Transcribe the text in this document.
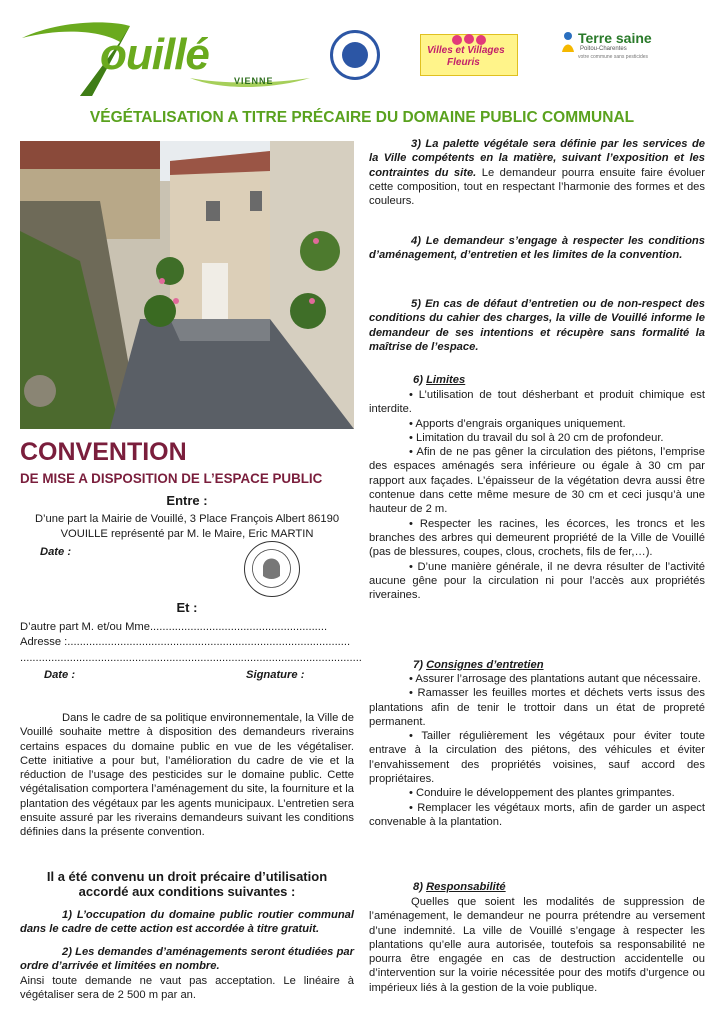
ouillé
VIENNE
Villes et Villages
Fleuris
Terre saine
Poitou-Charentes
votre commune sans pesticides
VÉGÉTALISATION A TITRE PRÉCAIRE DU DOMAINE PUBLIC COMMUNAL
CONVENTION
DE MISE A DISPOSITION DE L’ESPACE PUBLIC
Entre :
D’une part la Mairie de Vouillé, 3 Place François Albert 86190
VOUILLE représenté par M. le Maire, Eric MARTIN
Date :
Et :
D’autre part M. et/ou Mme.........................................................
Adresse :...........................................................................................
..............................................................................................................
Date :	Signature :
Dans le cadre de sa politique environnementale, la Ville de Vouillé souhaite mettre à disposition des demandeurs riverains certains espaces du domaine public en vue de les végétaliser. Cette initiative a pour but, l’amélioration du cadre de vie et la réduction de l’usage des pesticides sur le domaine public. Cette végétalisation comportera l’aménagement du site, la fourniture et la plantation des végétaux par les agents municipaux. L’entretien sera ensuite assuré par les riverains demandeurs suivant les conditions définies dans la présente convention.
Il a été convenu un droit précaire d’utilisation
accordé aux conditions suivantes :
1) L’occupation du domaine public routier communal dans le cadre de cette action est accordée à titre gratuit.
2) Les demandes d’aménagements seront étudiées par ordre d’arrivée et limitées en nombre.
Ainsi toute demande ne vaut pas acceptation. Le linéaire à végétaliser sera de 2 500 m par an.
3) La palette végétale sera définie par les services de la Ville compétents en la matière, suivant l’exposition et les contraintes du site. Le demandeur pourra ensuite faire évoluer cette composition, tout en respectant l’harmonie des formes et des couleurs.
4) Le demandeur s’engage à respecter les conditions d’aménagement, d’entretien et les limites de la convention.
5) En cas de défaut d’entretien ou de non-respect des conditions du cahier des charges, la ville de Vouillé informe le demandeur de ses intentions et récupère sans formalité la maîtrise de l’espace.
6) Limites
• L’utilisation de tout désherbant et produit chimique est interdite.
• Apports d’engrais organiques uniquement.
• Limitation du travail du sol à 20 cm de profondeur.
• Afin de ne pas gêner la circulation des piétons, l’emprise des espaces aménagés sera inférieure ou égale à 30 cm par rapport aux façades. L’épaisseur de la végétation devra aussi être contenue dans cette même mesure de 30 cm et ceci jusqu’à une hauteur de 2 m.
• Respecter les racines, les écorces, les troncs et les branches des arbres qui demeurent propriété de la Ville de Vouillé (pas de blessures, coupes, clous, crochets, fils de fer,…).
• D’une manière générale, il ne devra résulter de l’activité aucune gêne pour la circulation ni pour l’accès aux propriétés riveraines.
7) Consignes d’entretien
• Assurer l’arrosage des plantations autant que nécessaire.
• Ramasser les feuilles mortes et déchets verts issus des plantations afin de tenir le trottoir dans un état de propreté permanent.
• Tailler régulièrement les végétaux pour éviter toute entrave à la circulation des piétons, des véhicules et éviter l’envahissement des propriétés voisines, sauf accord des propriétaires.
• Conduire le développement des plantes grimpantes.
• Remplacer les végétaux morts, afin de garder un aspect convenable à la plantation.
8) Responsabilité
Quelles que soient les modalités de suppression de l’aménagement, le demandeur ne pourra prétendre au versement d’une indemnité. La ville de Vouillé s’engage à respecter les plantations qu’elle aura autorisée, toutefois sa responsabilité ne pourra être engagée en cas de destruction accidentelle ou d’intervention sur la voirie nécessitée pour des motifs d’urgence ou impérieux liés à la gestion de la voie publique.
